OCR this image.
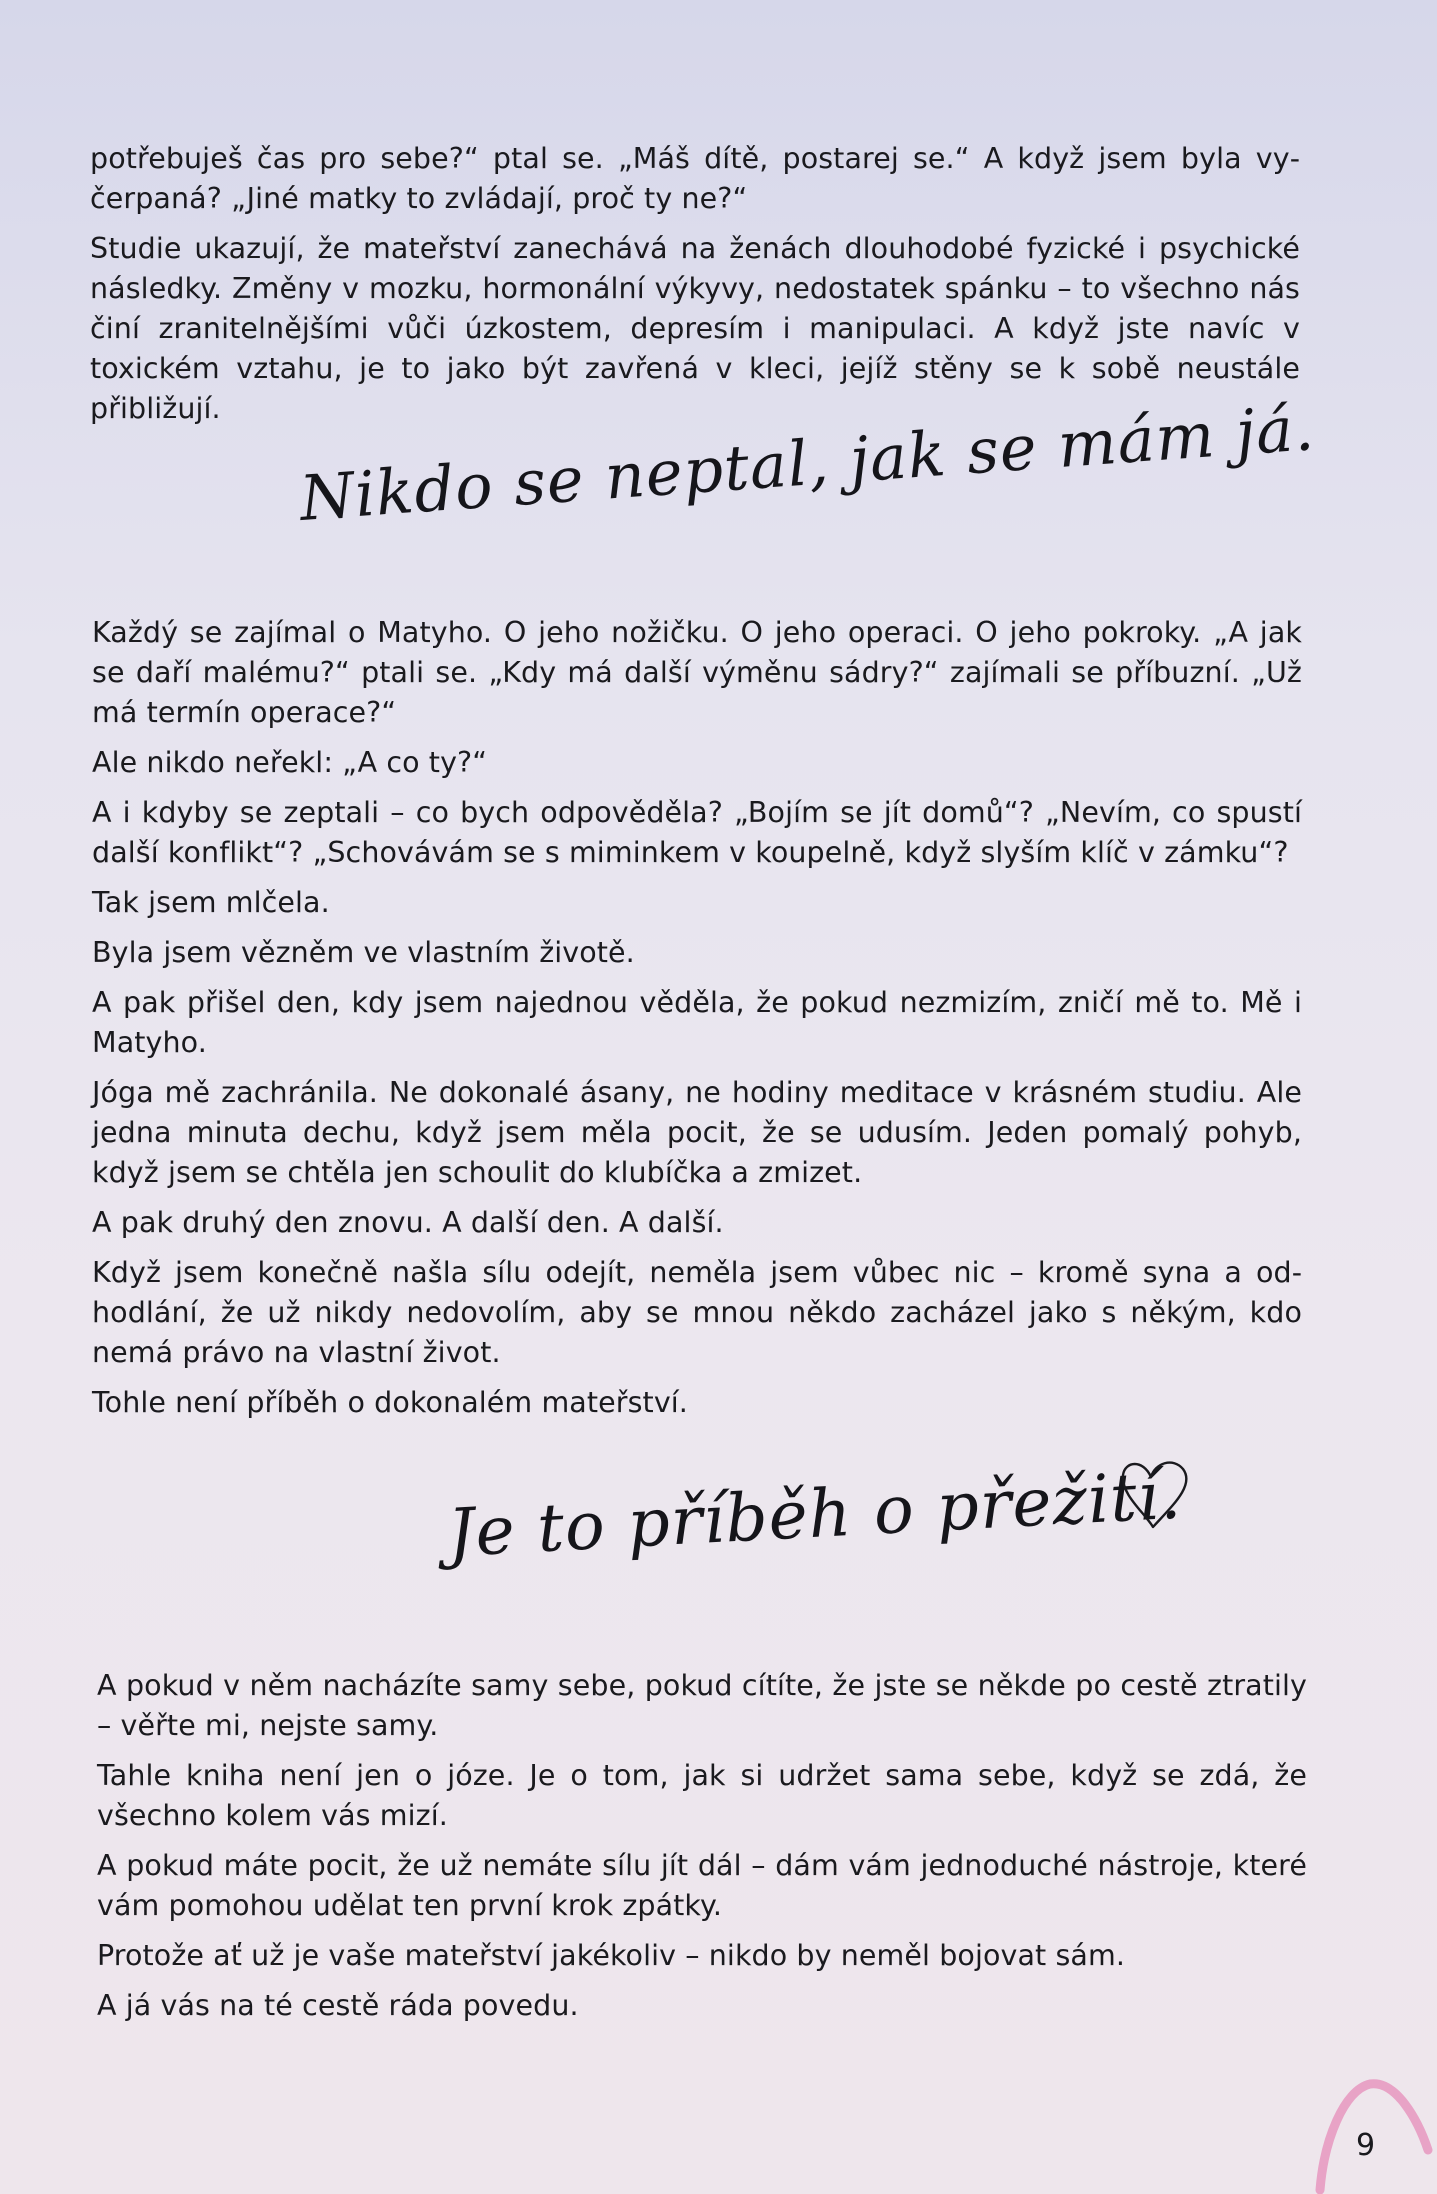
potřebuješ čas pro sebe?“ ptal se. „Máš dítě, postarej se.“ A když jsem byla vyčerpaná? „Jiné matky to zvládají, proč ty ne?“

Studie ukazují, že mateřství zanechává na ženách dlouhodobé fyzické i psychické následky. Změny v mozku, hormonální výkyvy, nedostatek spánku – to všechno nás činí zranitelnějšími vůči úzkostem, depresím i manipulaci. A když jste navíc v toxickém vztahu, je to jako být zavřená v kleci, jejíž stěny se k sobě neustále přibližují.	Nikdo se neptal, jak se mám já.

Každý se zajímal o Matyho. O jeho nožičku. O jeho operaci. O jeho pokroky. „A jak se daří malému?“ ptali se. „Kdy má další výměnu sádry?“ zajímali se příbuzní. „Už má termín operace?“

Ale nikdo neřekl: „A co ty?“

A i kdyby se zeptali – co bych odpověděla? „Bojím se jít domů“? „Nevím, co spustí další konflikt“? „Schovávám se s miminkem v koupelně, když slyším klíč v zámku“?

Tak jsem mlčela.

Byla jsem vězněm ve vlastním životě.

A pak přišel den, kdy jsem najednou věděla, že pokud nezmizím, zničí mě to. Mě i Matyho.

Jóga mě zachránila. Ne dokonalé ásany, ne hodiny meditace v krásném studiu. Ale jedna minuta dechu, když jsem měla pocit, že se udusím. Jeden pomalý pohyb, když jsem se chtěla jen schoulit do klubíčka a zmizet.

A pak druhý den znovu. A další den. A další.

Když jsem konečně našla sílu odejít, neměla jsem vůbec nic – kromě syna a odhodlání, že už nikdy nedovolím, aby se mnou někdo zacházel jako s někým, kdo nemá právo na vlastní život.

Tohle není příběh o dokonalém mateřství.

Je to příběh o přežití.

A pokud v něm nacházíte samy sebe, pokud cítíte, že jste se někde po cestě ztratily – věřte mi, nejste samy.

Tahle kniha není jen o józe. Je o tom, jak si udržet sama sebe, když se zdá, že všechno kolem vás mizí.

A pokud máte pocit, že už nemáte sílu jít dál – dám vám jednoduché nástroje, které vám pomohou udělat ten první krok zpátky.

Protože ať už je vaše mateřství jakékoliv – nikdo by neměl bojovat sám.

A já vás na té cestě ráda povedu.

9
